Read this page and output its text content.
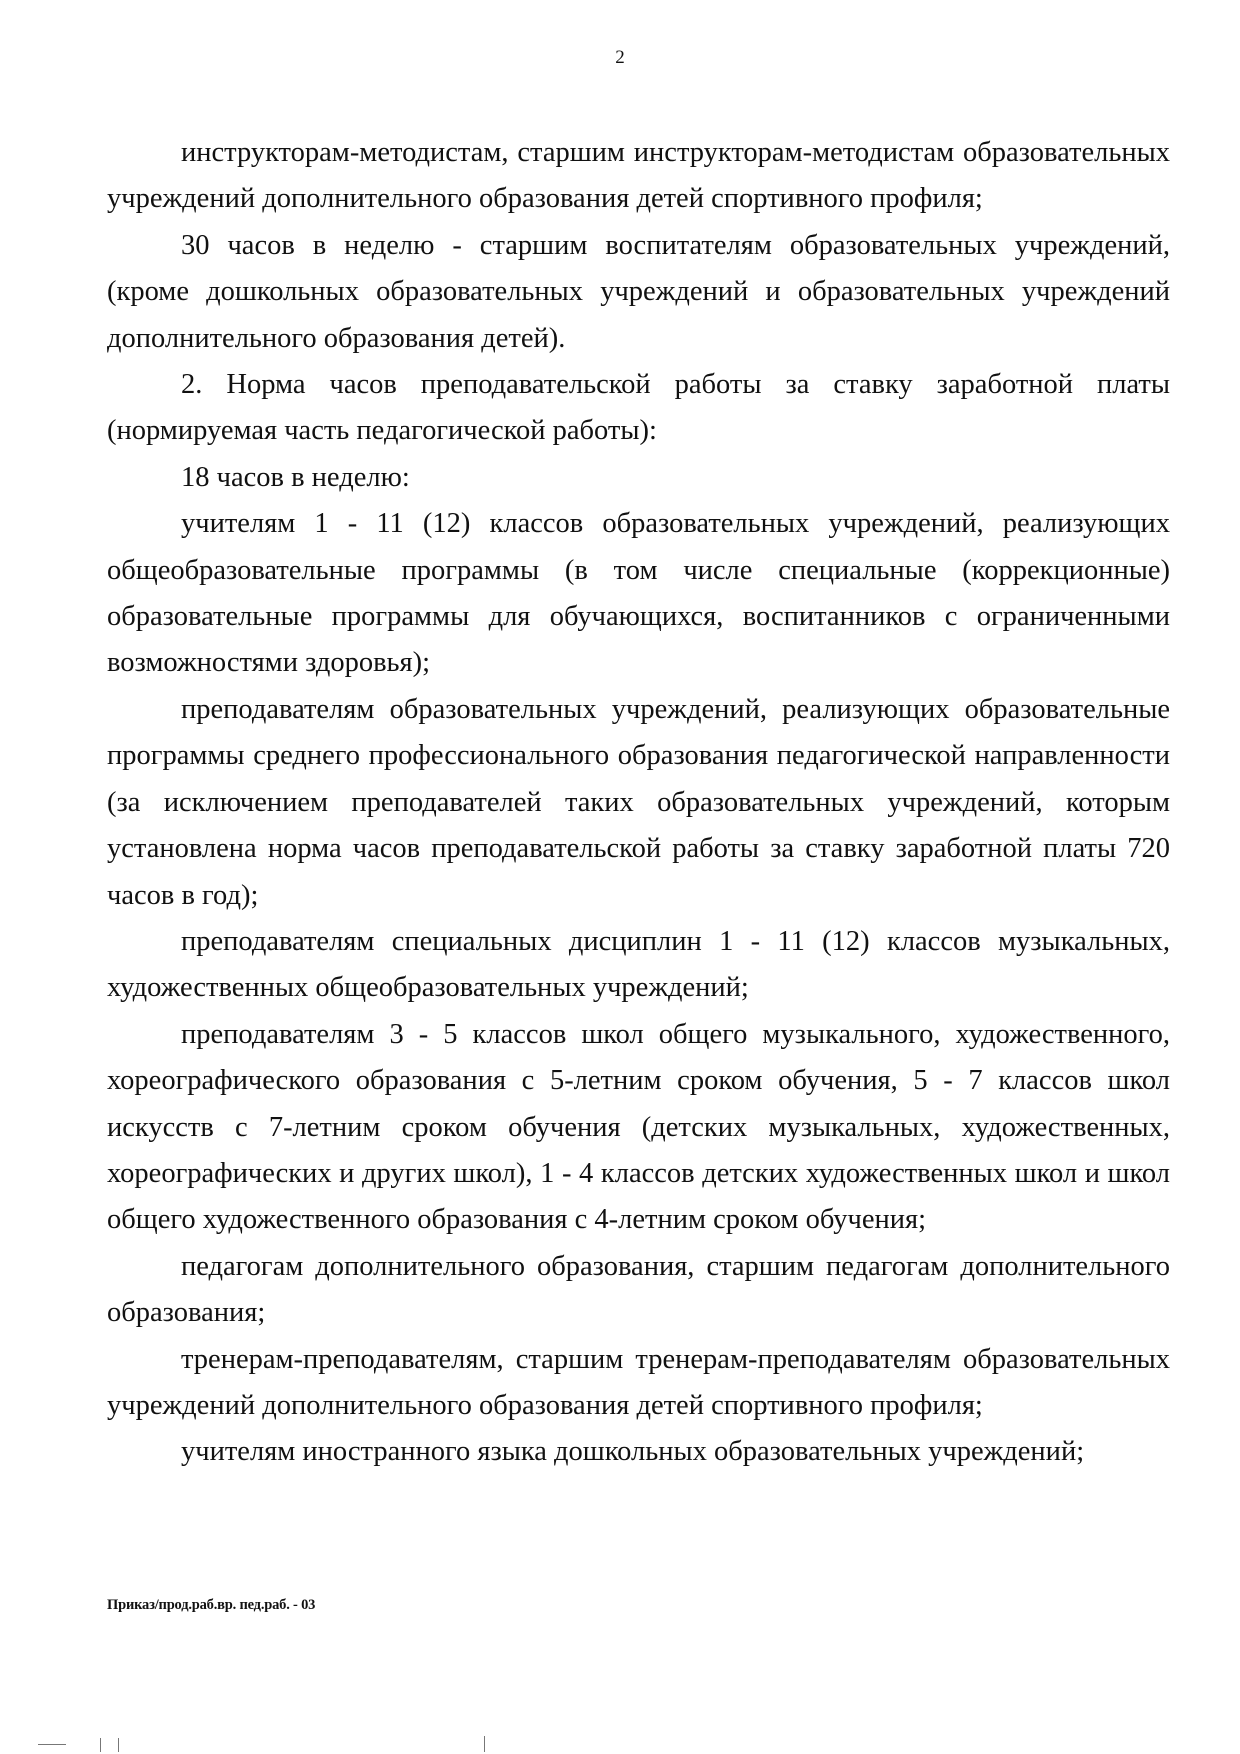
2

инструкторам-методистам, старшим инструкторам-методистам образовательных учреждений дополнительного образования детей спортивного профиля;

30 часов в неделю - старшим воспитателям образовательных учреждений, (кроме дошкольных образовательных учреждений и образовательных учреждений дополнительного образования детей).

2. Норма часов преподавательской работы за ставку заработной платы (нормируемая часть педагогической работы):

18 часов в неделю:

учителям 1 - 11 (12) классов образовательных учреждений, реализующих общеобразовательные программы (в том числе специальные (коррекционные) образовательные программы для обучающихся, воспитанников с ограниченными возможностями здоровья);

преподавателям образовательных учреждений, реализующих образовательные программы среднего профессионального образования педагогической направленности (за исключением преподавателей таких образовательных учреждений, которым установлена норма часов преподавательской работы за ставку заработной платы 720 часов в год);

преподавателям специальных дисциплин 1 - 11 (12) классов музыкальных, художественных общеобразовательных учреждений;

преподавателям 3 - 5 классов школ общего музыкального, художественного, хореографического образования с 5-летним сроком обучения, 5 - 7 классов школ искусств с 7-летним сроком обучения (детских музыкальных, художественных, хореографических и других школ), 1 - 4 классов детских художественных школ и школ общего художественного образования с 4-летним сроком обучения;

педагогам дополнительного образования, старшим педагогам дополнительного образования;

тренерам-преподавателям, старшим тренерам-преподавателям образовательных учреждений дополнительного образования детей спортивного профиля;

учителям иностранного языка дошкольных образовательных учреждений;

Приказ/прод.раб.вр. пед.раб. - 03
